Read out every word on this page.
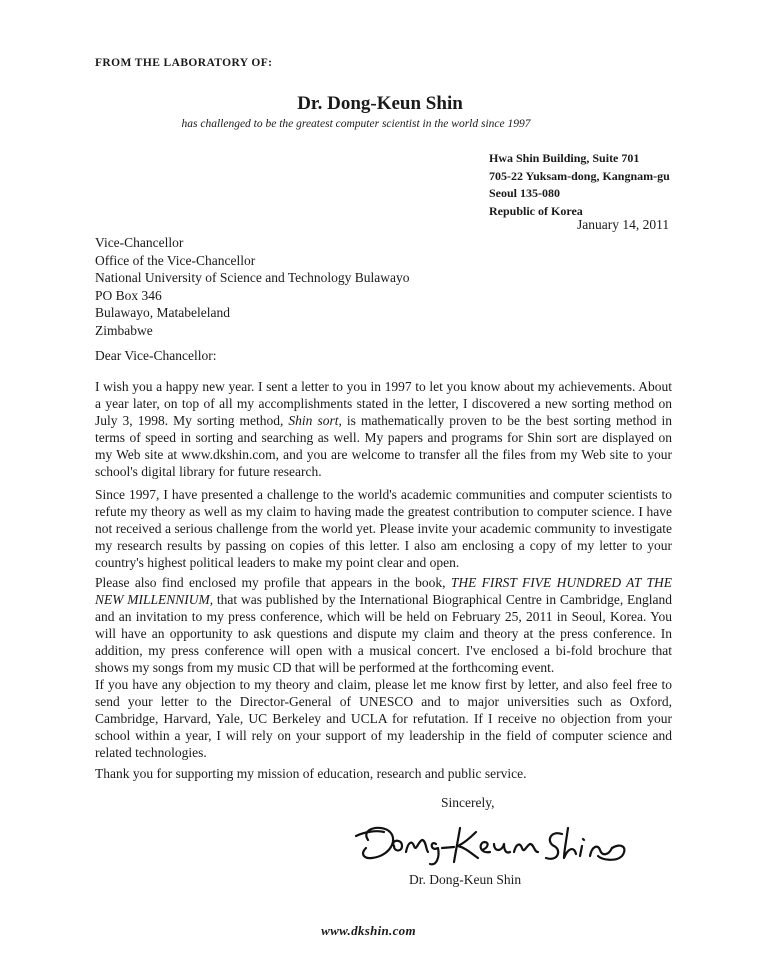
FROM THE LABORATORY OF:
Dr. Dong-Keun Shin
has challenged to be the greatest computer scientist in the world since 1997
Hwa Shin Building, Suite 701
705-22 Yuksam-dong, Kangnam-gu
Seoul 135-080
Republic of Korea
January 14, 2011
Vice-Chancellor
Office of the Vice-Chancellor
National University of Science and Technology Bulawayo
PO Box 346
Bulawayo, Matabeleland
Zimbabwe
Dear Vice-Chancellor:

I wish you a happy new year. I sent a letter to you in 1997 to let you know about my achievements. About a year later, on top of all my accomplishments stated in the letter, I discovered a new sorting method on July 3, 1998. My sorting method, Shin sort, is mathematically proven to be the best sorting method in terms of speed in sorting and searching as well. My papers and programs for Shin sort are displayed on my Web site at www.dkshin.com, and you are welcome to transfer all the files from my Web site to your school's digital library for future research.

Since 1997, I have presented a challenge to the world's academic communities and computer scientists to refute my theory as well as my claim to having made the greatest contribution to computer science. I have not received a serious challenge from the world yet. Please invite your academic community to investigate my research results by passing on copies of this letter. I also am enclosing a copy of my letter to your country's highest political leaders to make my point clear and open.

Please also find enclosed my profile that appears in the book, THE FIRST FIVE HUNDRED AT THE NEW MILLENNIUM, that was published by the International Biographical Centre in Cambridge, England and an invitation to my press conference, which will be held on February 25, 2011 in Seoul, Korea. You will have an opportunity to ask questions and dispute my claim and theory at the press conference. In addition, my press conference will open with a musical concert. I've enclosed a bi-fold brochure that shows my songs from my music CD that will be performed at the forthcoming event.

If you have any objection to my theory and claim, please let me know first by letter, and also feel free to send your letter to the Director-General of UNESCO and to major universities such as Oxford, Cambridge, Harvard, Yale, UC Berkeley and UCLA for refutation. If I receive no objection from your school within a year, I will rely on your support of my leadership in the field of computer science and related technologies.

Thank you for supporting my mission of education, research and public service.

Sincerely,
Dr. Dong-Keun Shin
www.dkshin.com
